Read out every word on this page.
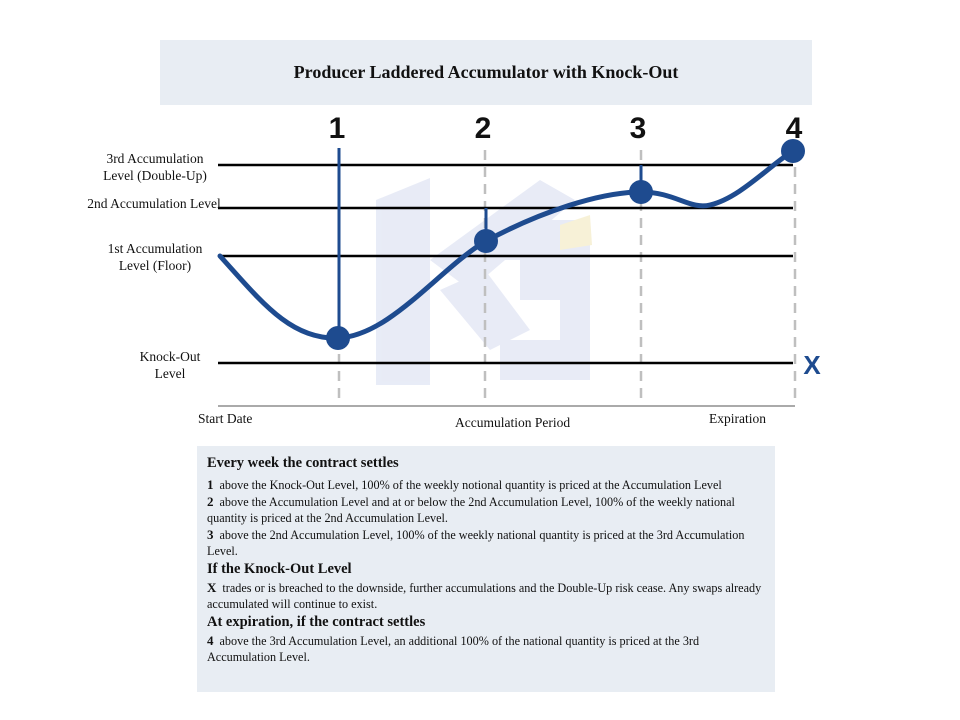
Producer Laddered Accumulator with Knock-Out
1	2	3	4
X
3rd Accumulation Level (Double-Up)
2nd Accumulation Level
1st Accumulation Level (Floor)
Knock-Out Level
Start Date	Accumulation Period	Expiration
Every week the contract settles
1 above the Knock-Out Level, 100% of the weekly notional quantity is priced at the Accumulation Level
2 above the Accumulation Level and at or below the 2nd Accumulation Level, 100% of the weekly national quantity is priced at the 2nd Accumulation Level.
3 above the 2nd Accumulation Level, 100% of the weekly national quantity is priced at the 3rd Accumulation Level.
If the Knock-Out Level
X trades or is breached to the downside, further accumulations and the Double-Up risk cease. Any swaps already accumulated will continue to exist.
At expiration, if the contract settles
4 above the 3rd Accumulation Level, an additional 100% of the national quantity is priced at the 3rd Accumulation Level.
